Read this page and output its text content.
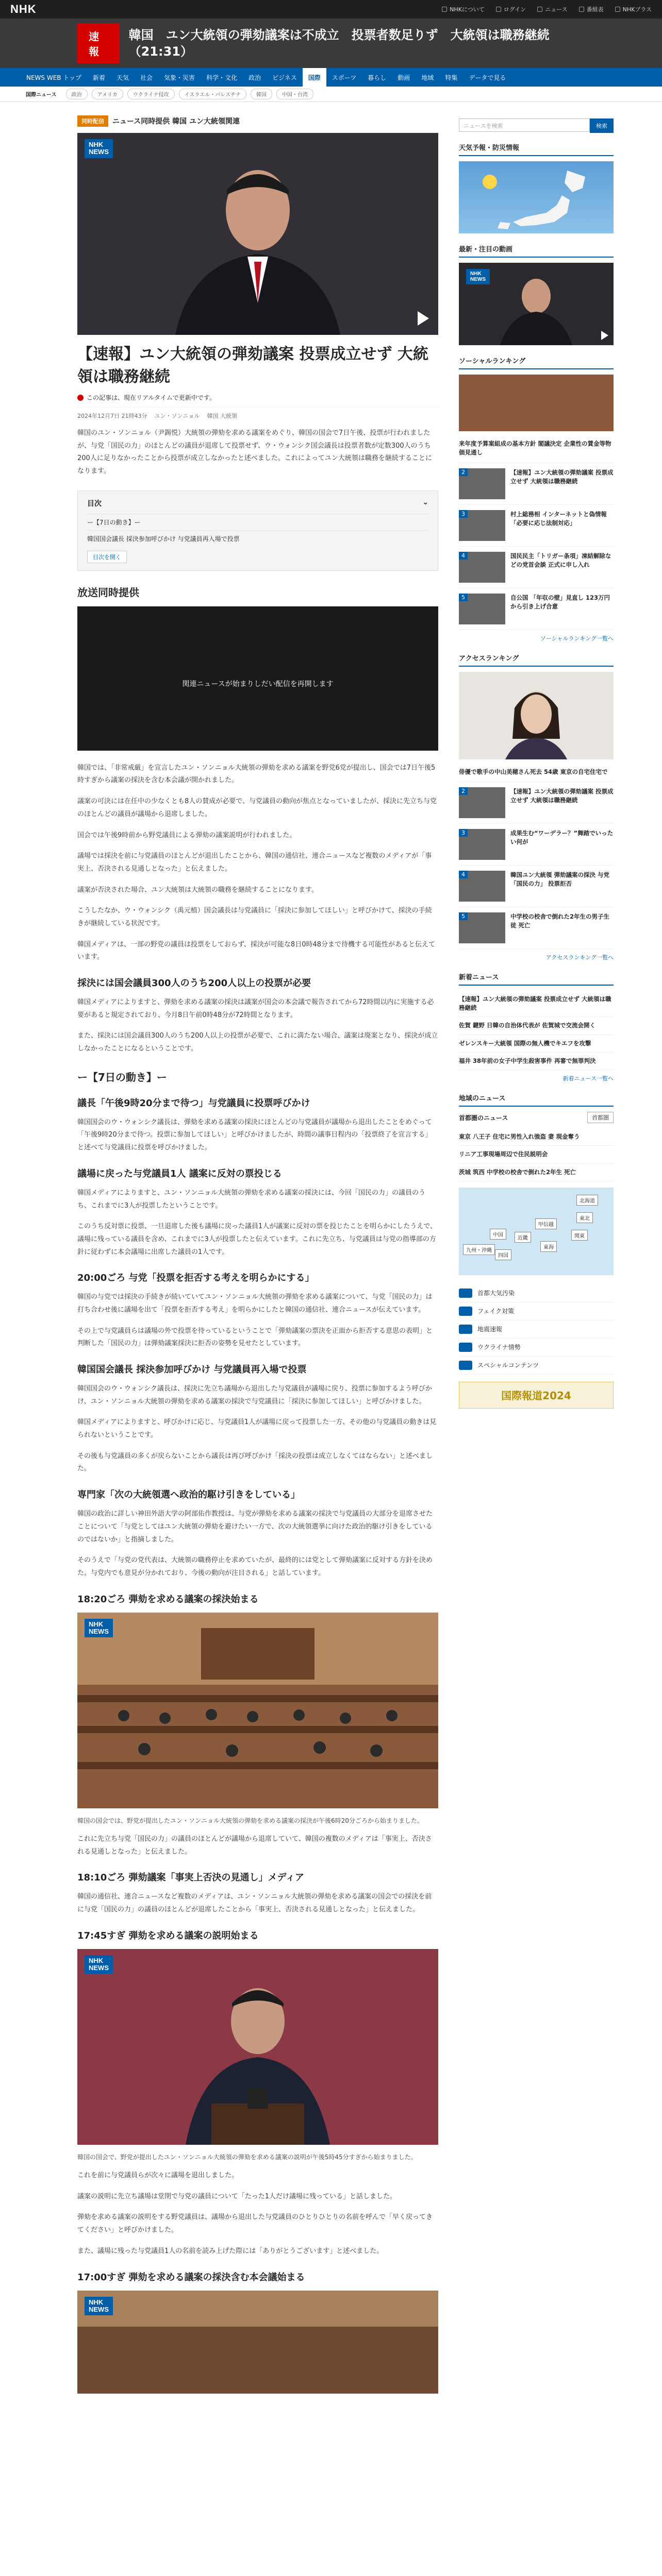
NHK	NHKについて	ログイン	ニュース	番組表	NHKプラス
速報
韓国　ユン大統領の弾劾議案は不成立　投票者数足りず　大統領は職務継続（21:31）
NEWS WEB トップ	新着	天気	社会	気象・災害	科学・文化	政治	ビジネス	国際	スポーツ	暮らし	動画	地域	特集	データで見る
国際ニュース	政治	アメリカ	ウクライナ侵攻	イスラエル・パレスチナ	韓国	中国・台湾
同時配信	ニュース同時提供 韓国 ユン大統領関連
NHK
NEWS
【速報】ユン大統領の弾劾議案 投票成立せず 大統領は職務継続
この記事は、現在リアルタイムで更新中です。
2024年12月7日 21時43分 ユン・ソンニョル 韓国 大統領

韓国のユン・ソンニョル（尹錫悦）大統領の弾劾を求める議案をめぐり、韓国の国会で7日午後、投票が行われましたが、与党「国民の力」のほとんどの議員が退席して投票せず、ウ・ウォンシク国会議長は投票者数が定数300人のうち200人に足りなかったことから投票が成立しなかったと述べました。これによってユン大統領は職務を継続することになります。

目次	⌄
ー【7日の動き】ー
韓国国会議長 採決参加呼びかけ 与党議員再入場で投票
目次を開く
放送同時提供
関連ニュースが始まりしだい配信を再開します

韓国では、「非常戒厳」を宣言したユン・ソンニョル大統領の弾劾を求める議案を野党6党が提出し、国会では7日午後5時すぎから議案の採決を含む本会議が開かれました。

議案の可決には在任中の少なくとも8人の賛成が必要で、与党議員の動向が焦点となっていましたが、採決に先立ち与党のほとんどの議員が議場から退席しました。

国会では午後9時前から野党議員による弾劾の議案説明が行われました。

議場では採決を前に与党議員のほとんどが退出したことから、韓国の通信社、連合ニュースなど複数のメディアが「事実上、否決される見通しとなった」と伝えました。

議案が否決された場合、ユン大統領は大統領の職務を継続することになります。

こうしたなか、ウ・ウォンシク（禹元植）国会議長は与党議員に「採決に参加してほしい」と呼びかけて、採決の手続きが継続している状況です。

韓国メディアは、一部の野党の議員は投票をしておらず、採決が可能な8日0時48分まで待機する可能性があると伝えています。

採決には国会議員300人のうち200人以上の投票が必要

韓国メディアによりますと、弾劾を求める議案の採決は議案が国会の本会議で報告されてから72時間以内に実施する必要があると規定されており、今月8日午前0時48分が72時間となります。

また、採決には国会議員300人のうち200人以上の投票が必要で、これに満たない場合、議案は廃案となり、採決が成立しなかったことになるということです。

ー【7日の動き】ー
議長「午後9時20分まで待つ」与党議員に投票呼びかけ

韓国国会のウ・ウォンシク議長は、弾劾を求める議案の採決にほとんどの与党議員が議場から退出したことをめぐって「午後9時20分まで待つ。投票に参加してほしい」と呼びかけましたが、時間の議事日程内の「投票終了を宣言する」と述べて与党議員に投票を呼びかけました。

議場に戻った与党議員1人 議案に反対の票投じる

韓国メディアによりますと、ユン・ソンニョル大統領の弾劾を求める議案の採決には、今回「国民の力」の議員のうち、これまでに3人が投票したということです。

このうち反対票に投票、一旦退席した後も議場に戻った議員1人が議案に反対の票を投じたことを明らかにしたうえで、議場に残っている議員を含め、これまでに3人が投票したと伝えています。これに先立ち、与党議員は与党の指導部の方針に従わずに本会議場に出席した議員の1人です。

20:00ごろ 与党「投票を拒否する考えを明らかにする」

韓国の与党では採決の手続きが続いていてユン・ソンニョル大統領の弾劾を求める議案について、与党「国民の力」は打ち合わせ後に議場を出て「投票を拒否する考え」を明らかにしたと韓国の通信社、連合ニュースが伝えています。

その上で与党議員らは議場の外で投票を待っているということで「弾劾議案の票決を正面から拒否する意思の表明」と判断した「国民の力」は弾劾議案採決に拒否の姿勢を見せたとしています。

韓国国会議長 採決参加呼びかけ 与党議員再入場で投票

韓国国会のウ・ウォンシク議長は、採決に先立ち議場から退出した与党議員が議場に戻り、投票に参加するよう呼びかけ、ユン・ソンニョル大統領の弾劾を求める議案の採決で与党議員に「採決に参加してほしい」と呼びかけました。

韓国メディアによりますと、呼びかけに応じ、与党議員1人が議場に戻って投票した一方、その他の与党議員の動きは見られないということです。

その後も与党議員の多くが戻らないことから議長は再び呼びかけ「採決の投票は成立しなくてはならない」と述べました。

専門家「次の大統領選へ政治的駆け引きをしている」

韓国の政治に詳しい神田外語大学の阿部佑作教授は、与党が弾劾を求める議案の採決で与党議員の大部分を退席させたことについて「与党としてはユン大統領の弾劾を避けたい一方で、次の大統領選挙に向けた政治的駆け引きをしているのではないか」と指摘しました。

そのうえで「与党の党代表は、大統領の職務停止を求めていたが、最終的には党として弾劾議案に反対する方針を決めた。与党内でも意見が分かれており、今後の動向が注目される」と話しています。

18:20ごろ 弾劾を求める議案の採決始まる
NHK
NEWS

韓国の国会では、野党が提出したユン・ソンニョル大統領の弾劾を求める議案の採決が午後6時20分ごろから始まりました。

これに先立ち与党「国民の力」の議員のほとんどが議場から退席していて、韓国の複数のメディアは「事実上、否決される見通しとなった」と伝えました。

18:10ごろ 弾劾議案「事実上否決の見通し」メディア

韓国の通信社、連合ニュースなど複数のメディアは、ユン・ソンニョル大統領の弾劾を求める議案の国会での採決を前に与党「国民の力」の議員のほとんどが退席したことから「事実上、否決される見通しとなった」と伝えました。

17:45すぎ 弾劾を求める議案の説明始まる
NHK
NEWS

韓国の国会で、野党が提出したユン・ソンニョル大統領の弾劾を求める議案の説明が午後5時45分すぎから始まりました。

これを前に与党議員らが次々に議場を退出しました。

議案の説明に先立ち議場は堂閉で与党の議員について「たった1人だけ議場に残っている」と話しました。

弾劾を求める議案の説明をする野党議員は、議場から退出した与党議員のひとりひとりの名前を呼んで「早く戻ってきてください」と呼びかけました。

また、議場に残った与党議員1人の名前を読み上げた際には「ありがとうございます」と述べました。

17:00すぎ 弾劾を求める議案の採決含む本会議始まる
NHK
NEWS
ニュースを検索	検索
天気予報・防災情報
最新・注目の動画
NHK
NEWS
ソーシャルランキング
来年度予算案組成の基本方針 閣議決定 企業性の賃金等物価見通し
2	【速報】ユン大統領の弾劾議案 投票成立せず 大統領は職務継続
3	村上総務相 インターネットと偽情報「必要に応じ法制対応」
4	国民民主「トリガー条項」凍結解除などの党首会談 正式に申し入れ
5	自公国 「年収の壁」見直し 123万円から引き上げ合意
ソーシャルランキング一覧へ
アクセスランキング
俳優で歌手の中山美穂さん死去 54歳 東京の自宅住宅で
2	【速報】ユン大統領の弾劾議案 投票成立せず 大統領は職務継続
3	成果生む“ワーデラー？”舞踏でいったい何が
4	韓国ユン大統領 弾劾議案の採決 与党「国民の力」 投票拒否
5	中学校の校舎で倒れた2年生の男子生徒 死亡
アクセスランキング一覧へ
新着ニュース
【速報】ユン大統領の弾劾議案 投票成立せず 大統領は職務継続
佐賀 鍵野 日韓の自治体代表が 佐賀城で交流会開く
ゼレンスキー大統領 国際の無人機でキエフを攻撃
福井 38年前の女子中学生殺害事件 再審で無罪判決
新着ニュース一覧へ
地域のニュース
首都圏のニュース	首都圏
東京 八王子 住宅に男性入れ強盗 妻 現金奪う
リニア工事現場周辺で住民説明会
茨城 筑西 中学校の校舎で倒れた2年生 死亡
北海道
東北
関東
甲信越
東海
近畿
中国
四国
九州・沖縄
首都大気汚染
フェイク対策
地震速報
ウクライナ情勢
スペシャルコンテンツ
国際報道2024
